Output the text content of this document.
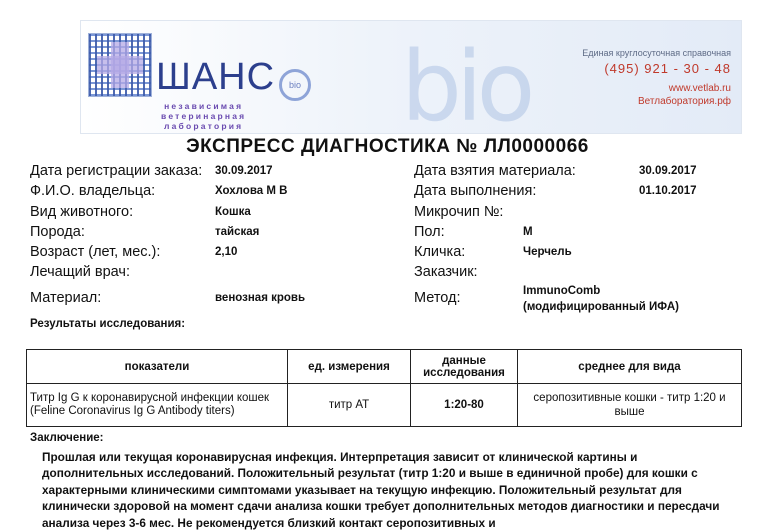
ШАНС	bio
независимая
ветеринарная
лаборатория bio	Единая круглосуточная справочная
(495) 921 - 30 - 48
www.vetlab.ru
Ветлаборатория.рф
ЭКСПРЕСС ДИАГНОСТИКА № ЛЛ0000066
Дата регистрации заказа: 30.09.2017
Ф.И.О. владельца:	Хохлова М В
Вид животного:	Кошка
Порода:	тайская
Возраст (лет, мес.):	2,10
Лечащий врач:
Материал:	венозная кровь
Дата взятия материала:	30.09.2017
Дата выполнения:	01.10.2017
Микрочип №:
Пол:	М
Кличка:	Черчель
Заказчик:
Метод:	ImmunoComb
(модифицированный ИФА)
Результаты исследования:
показатели	ед. измерения	данные исследования	среднее для вида
Титр Ig G к коронавирусной инфекции кошек (Feline Coronavirus Ig G Antibody titers)	титр АТ	1:20-80	серопозитивные кошки - титр 1:20 и выше
Заключение:
Прошлая или текущая коронавирусная инфекция. Интерпретация зависит от клинической картины и дополнительных исследований. Положительный результат (титр 1:20 и выше в единичной пробе) для кошки с характерными клиническими симптомами указывает на текущую инфекцию. Положительный результат для клинически здоровой на момент сдачи анализа кошки требует дополнительных методов диагностики и пересдачи анализа через 3-6 мес. Не рекомендуется близкий контакт серопозитивных и
